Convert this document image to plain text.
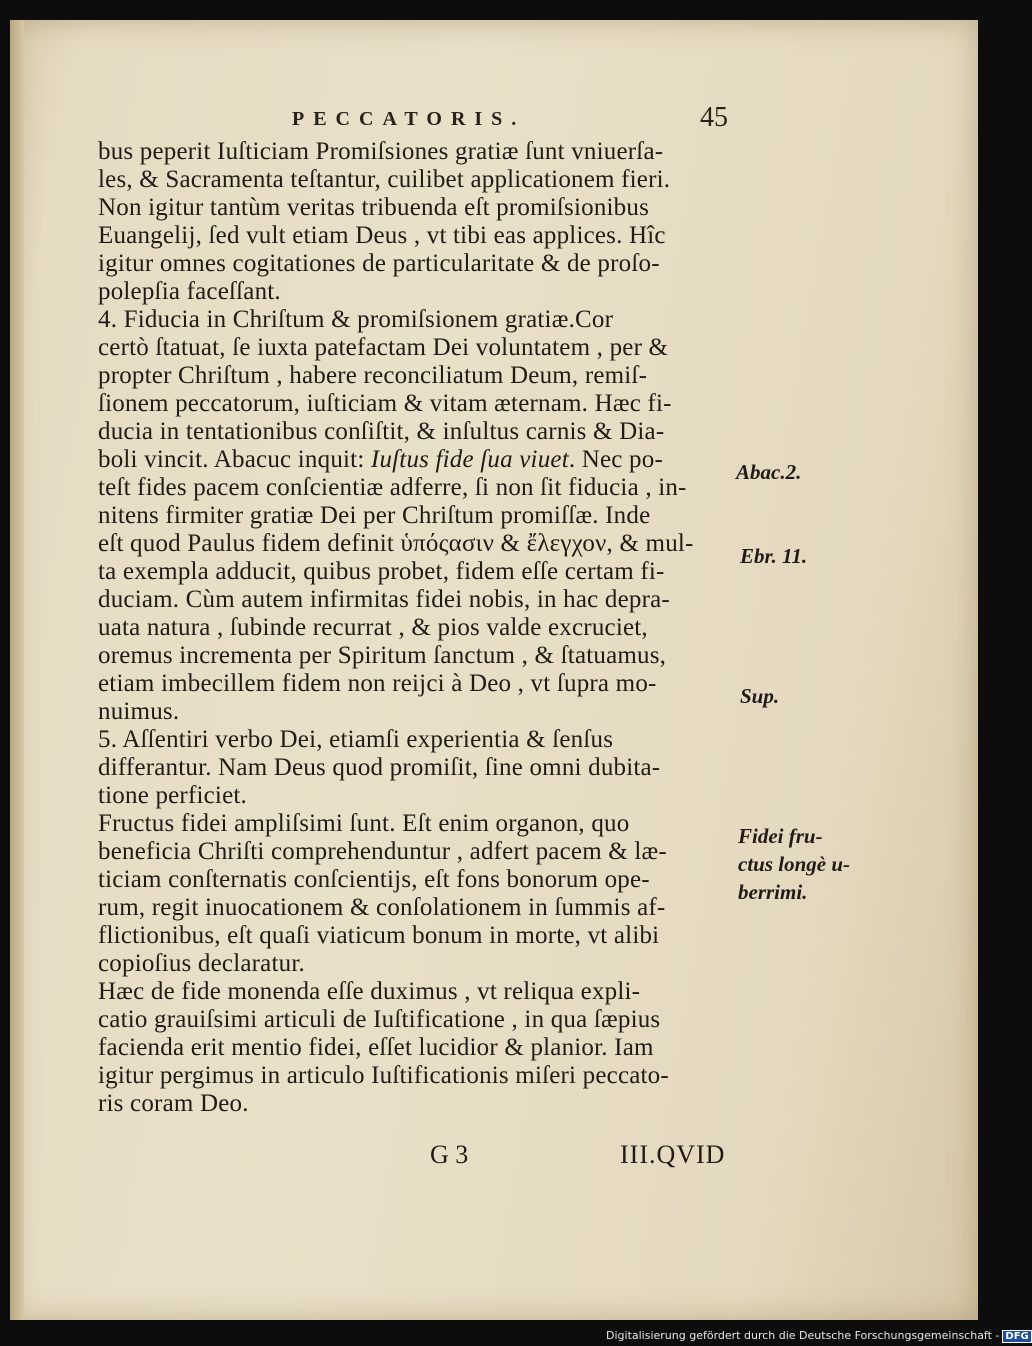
PECCATORIS.	45
bus peperit Iuſticiam Promiſsiones gratiæ ſunt vniuerſa-
les, & Sacramenta teſtantur, cuilibet applicationem fieri.
Non igitur tantùm veritas tribuenda eſt promiſsionibus
Euangelij, ſed vult etiam Deus , vt tibi eas applices. Hîc
igitur omnes cogitationes de particularitate & de proſo-
polepſia faceſſant.
4. Fiducia in Chriſtum & promiſsionem gratiæ.Cor
certò ſtatuat, ſe iuxta patefactam Dei voluntatem , per &
propter Chriſtum , habere reconciliatum Deum, remiſ-
ſionem peccatorum, iuſticiam & vitam æternam. Hæc fi-
ducia in tentationibus conſiſtit, & inſultus carnis & Dia-
boli vincit. Abacuc inquit: Iuſtus fide ſua viuet. Nec po-
teſt fides pacem conſcientiæ adferre, ſi non ſit fiducia , in-
nitens firmiter gratiæ Dei per Chriſtum promiſſæ. Inde
eſt quod Paulus fidem definit ὑπόςασιν & ἔλεγχον, & mul-
ta exempla adducit, quibus probet, fidem eſſe certam fi-
duciam. Cùm autem infirmitas fidei nobis, in hac depra-
uata natura , ſubinde recurrat , & pios valde excruciet,
oremus incrementa per Spiritum ſanctum , & ſtatuamus,
etiam imbecillem fidem non reijci à Deo , vt ſupra mo-
nuimus.
5. Aſſentiri verbo Dei, etiamſi experientia & ſenſus
differantur. Nam Deus quod promiſit, ſine omni dubita-
tione perficiet.
Fructus fidei ampliſsimi ſunt. Eſt enim organon, quo
beneficia Chriſti comprehenduntur , adfert pacem & læ-
ticiam conſternatis conſcientijs, eſt fons bonorum ope-
rum, regit inuocationem & conſolationem in ſummis af-
flictionibus, eſt quaſi viaticum bonum in morte, vt alibi
copioſius declaratur.
Hæc de fide monenda eſſe duximus , vt reliqua expli-
catio grauiſsimi articuli de Iuſtificatione , in qua ſæpius
facienda erit mentio fidei, eſſet lucidior & planior. Iam
igitur pergimus in articulo Iuſtificationis miſeri peccato-
ris coram Deo.
Abac.2.
Ebr. 11.
Sup.
Fidei fru-
ctus longè u-
berrimi.
G 3	III.QVID
Digitalisierung gefördert durch die Deutsche Forschungsgemeinschaft - DFG
